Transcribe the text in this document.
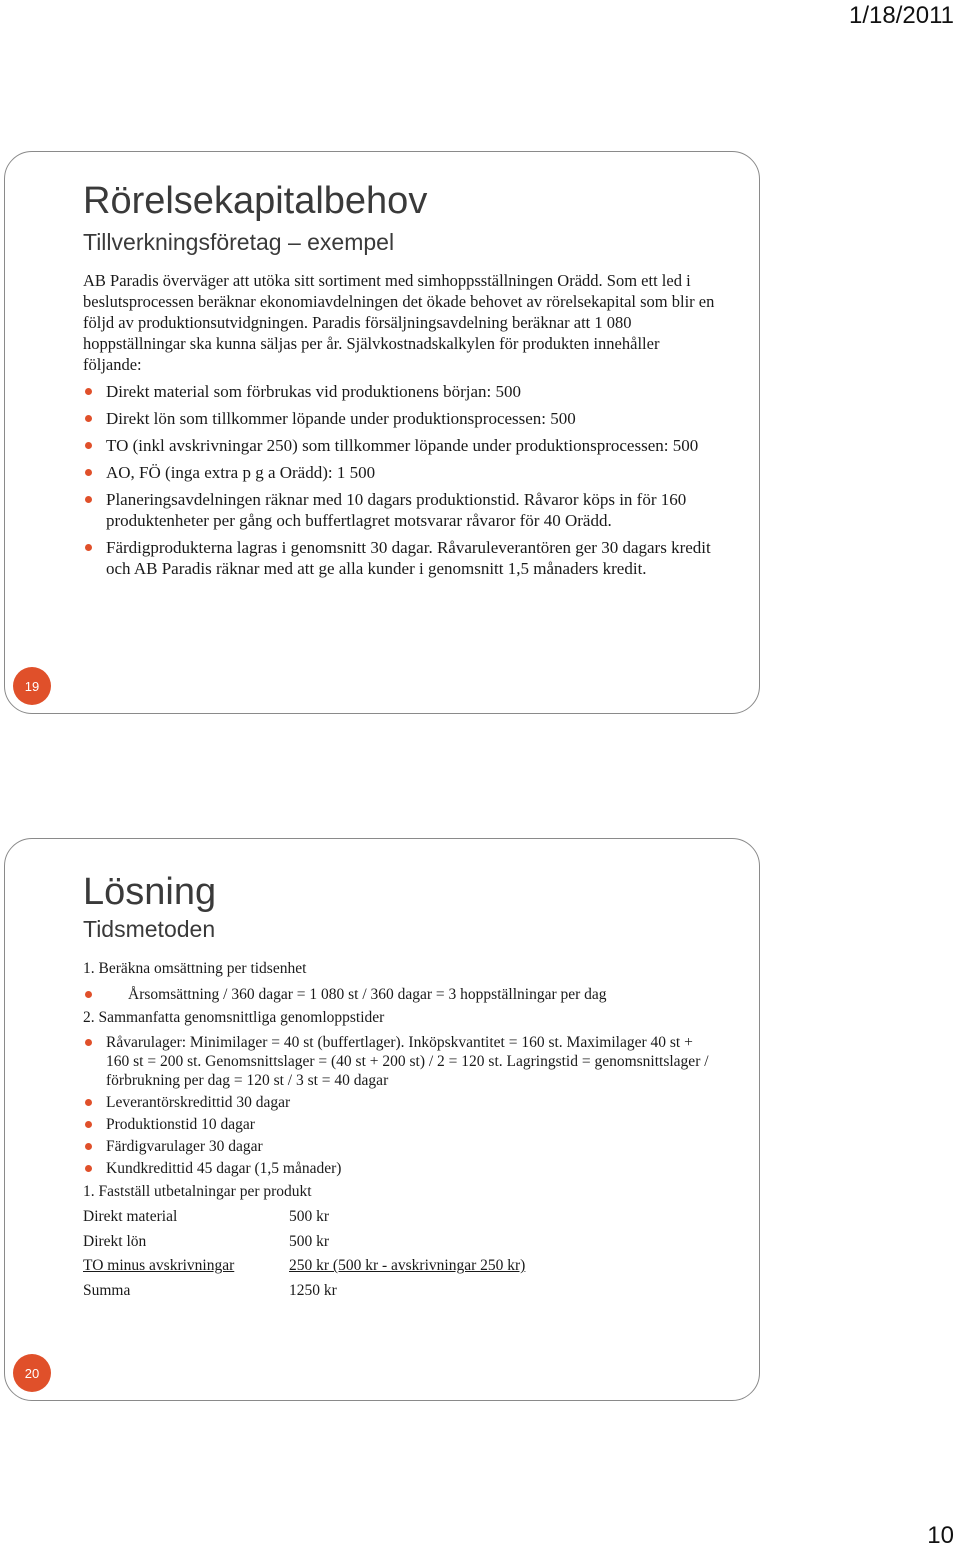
1/18/2011
Rörelsekapitalbehov
Tillverkningsföretag – exempel

AB Paradis överväger att utöka sitt sortiment med simhoppsställningen Orädd. Som ett led i beslutsprocessen beräknar ekonomiavdelningen det ökade behovet av rörelsekapital som blir en följd av produktionsutvidgningen. Paradis försäljningsavdelning beräknar att 1 080 hoppställningar ska kunna säljas per år. Självkostnadskalkylen för produkten innehåller följande:

Direkt material som förbrukas vid produktionens början: 500
Direkt lön som tillkommer löpande under produktionsprocessen: 500
TO (inkl avskrivningar 250) som tillkommer löpande under produktionsprocessen: 500
AO, FÖ (inga extra p g a Orädd): 1 500
Planeringsavdelningen räknar med 10 dagars produktionstid. Råvaror köps in för 160 produktenheter per gång och buffertlagret motsvarar råvaror för 40 Orädd.
Färdigprodukterna lagras i genomsnitt 30 dagar. Råvaruleverantören ger 30 dagars kredit och AB Paradis räknar med att ge alla kunder i genomsnitt 1,5 månaders kredit.
19
Lösning
Tidsmetoden
1. Beräkna omsättning per tidsenhet
Årsomsättning / 360 dagar = 1 080 st / 360 dagar = 3 hoppställningar per dag
2. Sammanfatta genomsnittliga genomloppstider
Råvarulager: Minimilager = 40 st (buffertlager). Inköpskvantitet = 160 st. Maximilager 40 st + 160 st = 200 st. Genomsnittslager = (40 st + 200 st) / 2 = 120 st. Lagringstid = genomsnittslager / förbrukning per dag = 120 st / 3 st = 40 dagar
Leverantörskredittid 30 dagar
Produktionstid 10 dagar
Färdigvarulager 30 dagar
Kundkredittid 45 dagar (1,5 månader)
1. Fastställ utbetalningar per produkt
Direkt material	500 kr
Direkt lön	500 kr
TO minus avskrivningar	250 kr (500 kr - avskrivningar 250 kr)
Summa	1250 kr
20
10
